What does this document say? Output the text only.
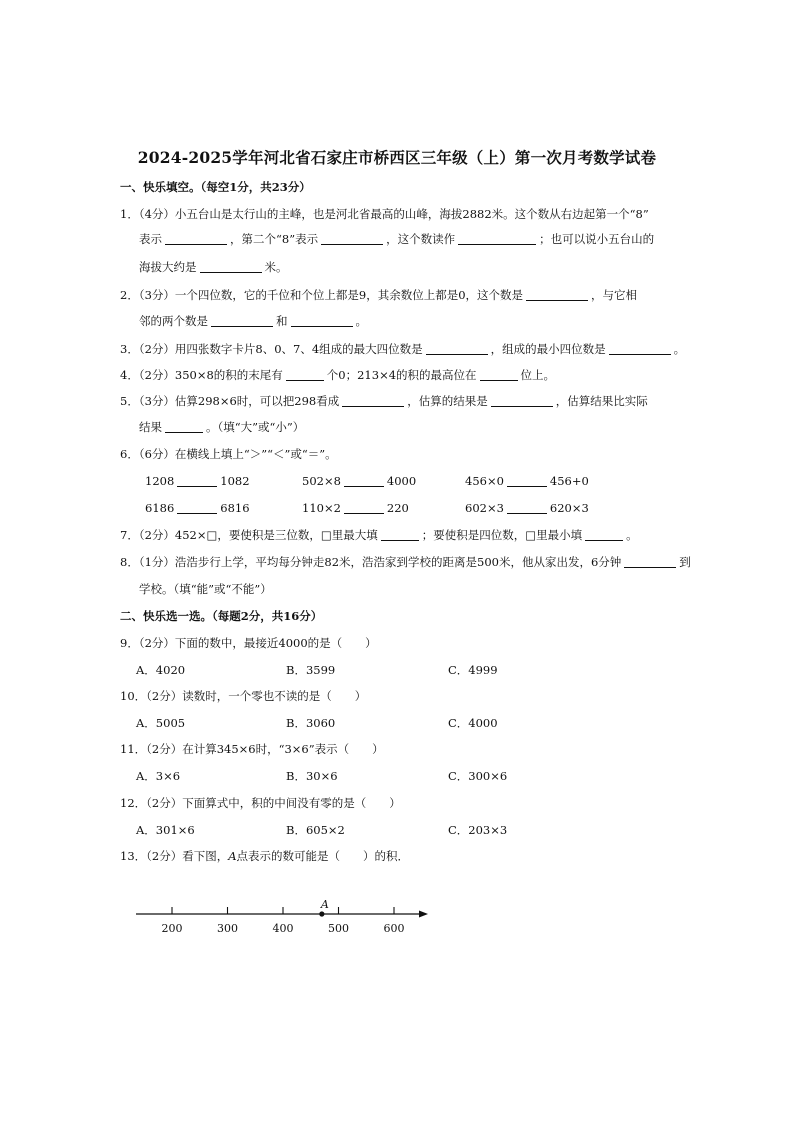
2024-2025学年河北省石家庄市桥西区三年级（上）第一次月考数学试卷
一、快乐填空。（每空1分，共23分）
1．（4分）小五台山是太行山的主峰，也是河北省最高的山峰，海拔2882米。这个数从右边起第一个“8”
表示	，第二个“8”表示	，这个数读作	；也可以说小五台山的
海拔大约是	米。
2．（3分）一个四位数，它的千位和个位上都是9，其余数位上都是0，这个数是	，与它相
邻的两个数是	和	。
3．（2分）用四张数字卡片8、0、7、4组成的最大四位数是	，组成的最小四位数是	。
4．（2分）350×8的积的末尾有	个0；213×4的积的最高位在	位上。
5．（3分）估算298×6时，可以把298看成	，估算的结果是	，估算结果比实际
结果	。（填“大”或“小”）
6．（6分）在横线上填上“＞”“＜”或“＝”。
1208	1082	502×8	4000	456×0	456+0
6186	6816	110×2	220	602×3	620×3
7．（2分）452×□，要使积是三位数，□里最大填	；要使积是四位数，□里最小填	。
8．（1分）浩浩步行上学，平均每分钟走82米，浩浩家到学校的距离是500米，他从家出发，6分钟	到
学校。（填“能”或“不能”）
二、快乐选一选。（每题2分，共16分）
9．（2分）下面的数中，最接近4000的是（　　）
A．4020	B．3599	C．4999
10．（2分）读数时，一个零也不读的是（　　）
A．5005	B．3060	C．4000
11．（2分）在计算345×6时，“3×6”表示（　　）
A．3×6	B．30×6	C．300×6
12．（2分）下面算式中，积的中间没有零的是（　　）
A．301×6	B．605×2	C．203×3
13．（2分）看下图，A点表示的数可能是（　　）的积．
200	300	400	500	600
A
